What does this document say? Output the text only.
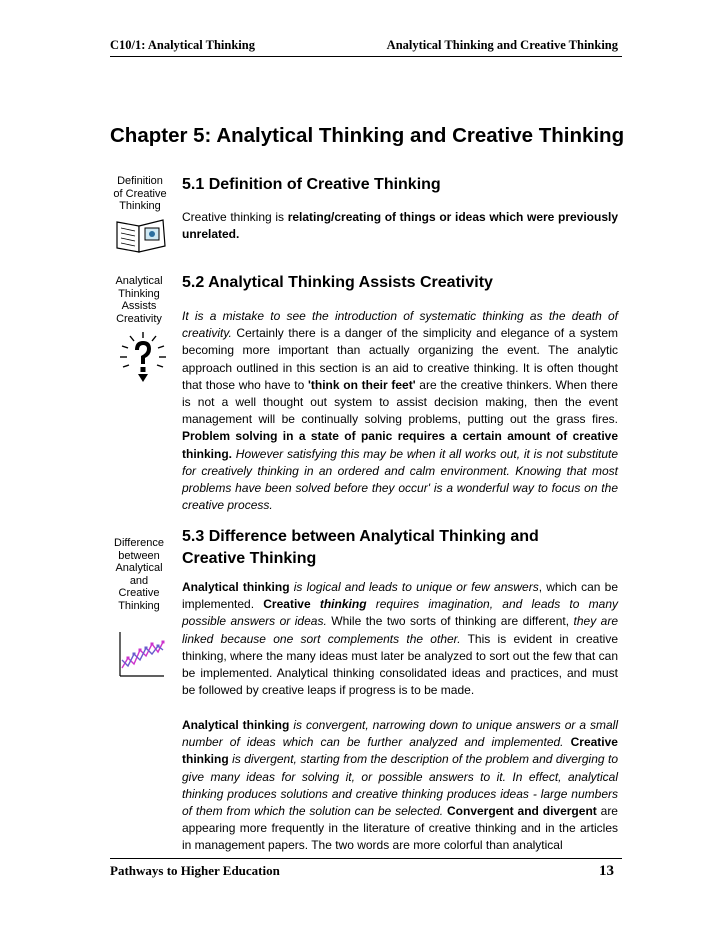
C10/1: Analytical Thinking	Analytical Thinking and Creative Thinking
Chapter 5: Analytical Thinking and Creative Thinking
Definition
of Creative
Thinking
5.1 Definition of Creative Thinking
Creative thinking is relating/creating of things or ideas which were previously unrelated.
Analytical
Thinking
Assists
Creativity
5.2 Analytical Thinking Assists Creativity
It is a mistake to see the introduction of systematic thinking as the death of creativity. Certainly there is a danger of the simplicity and elegance of a system becoming more important than actually organizing the event. The analytic approach outlined in this section is an aid to creative thinking. It is often thought that those who have to 'think on their feet' are the creative thinkers. When there is not a well thought out system to assist decision making, then the event management will be continually solving problems, putting out the grass fires. Problem solving in a state of panic requires a certain amount of creative thinking. However satisfying this may be when it all works out, it is not substitute for creatively thinking in an ordered and calm environment. Knowing that most problems have been solved before they occur' is a wonderful way to focus on the creative process.
Difference
between
Analytical
and
Creative
Thinking
5.3 Difference between Analytical Thinking and
Creative Thinking
Analytical thinking is logical and leads to unique or few answers, which can be implemented. Creative thinking requires imagination, and leads to many possible answers or ideas. While the two sorts of thinking are different, they are linked because one sort complements the other. This is evident in creative thinking, where the many ideas must later be analyzed to sort out the few that can be implemented. Analytical thinking consolidated ideas and practices, and must be followed by creative leaps if progress is to be made.
Analytical thinking is convergent, narrowing down to unique answers or a small number of ideas which can be further analyzed and implemented. Creative thinking is divergent, starting from the description of the problem and diverging to give many ideas for solving it, or possible answers to it. In effect, analytical thinking produces solutions and creative thinking produces ideas - large numbers of them from which the solution can be selected. Convergent and divergent are appearing more frequently in the literature of creative thinking and in the articles in management papers. The two words are more colorful than analytical
Pathways to Higher Education	13
